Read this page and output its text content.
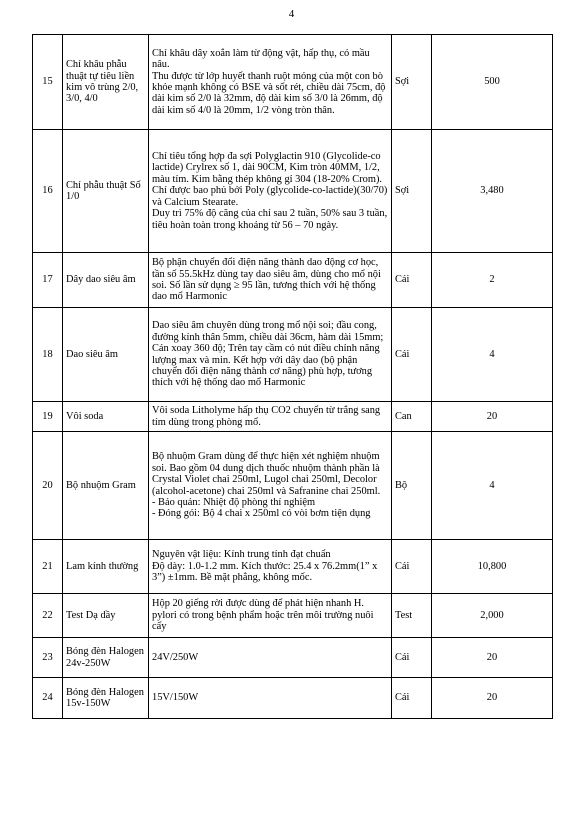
4
15	Chỉ khâu phẫu thuật tự tiêu liền kim vô trùng 2/0, 3/0, 4/0	Chỉ khâu dây xoắn làm từ động vật, hấp thụ, có mầu nâu.
Thu được từ lớp huyết thanh ruột mỏng của một con bò khỏe mạnh không có BSE và sốt rét, chiều dài 75cm, độ dài kim số 2/0 là 32mm, độ dài kim số 3/0 là 26mm, độ dài kim số 4/0 là 20mm, 1/2 vòng tròn thân.	Sợi	500
16	Chỉ phẫu thuật Số 1/0	Chỉ tiêu tổng hợp đa sợi Polyglactin 910 (Glycolide-co lactide) Crylrex số 1, dài 90CM, Kim tròn 40MM, 1/2, màu tím. Kim bằng thép không gỉ 304 (18-20% Crom). Chỉ được bao phủ bởi Poly (glycolide-co-lactide)(30/70) và Calcium Stearate.
Duy trì 75% độ căng của chỉ sau 2 tuần, 50% sau 3 tuần, tiêu hoàn toàn trong khoảng từ 56 – 70 ngày.	Sợi	3,480
17	Dây dao siêu âm	Bộ phận chuyển đổi điện năng thành dao động cơ học, tần số 55.5kHz dùng tay dao siêu âm, dùng cho mổ nội soi. Số lần sử dụng ≥ 95 lần, tương thích với hệ thống dao mổ Harmonic	Cái	2
18	Dao siêu âm	Dao siêu âm chuyên dùng trong mổ nội soi; đầu cong, đường kính thân 5mm, chiều dài 36cm, hàm dài 15mm; Cán xoay 360 độ; Trên tay cầm có nút điều chỉnh năng lượng max và min. Kết hợp với dây dao (bộ phận chuyển đổi điện năng thành cơ năng) phù hợp, tương thích với hệ thống dao mổ Harmonic	Cái	4
19	Vôi soda	Vôi soda Litholyme hấp thụ CO2 chuyển từ trắng sang tím dùng trong phòng mổ.	Can	20
20	Bộ nhuộm Gram	Bộ nhuộm Gram dùng để thực hiện xét nghiệm nhuộm soi. Bao gồm 04 dung dịch thuốc nhuộm thành phần là Crystal Violet chai 250ml, Lugol chai 250ml, Decolor (alcohol-acetone) chai 250ml và Safranine chai 250ml.
- Bảo quản: Nhiệt độ phòng thí nghiệm
- Đóng gói: Bộ 4 chai x 250ml có vòi bơm tiện dụng	Bộ	4
21	Lam kính thường	Nguyên vật liệu: Kính trung tính đạt chuẩn
Độ dày: 1.0-1.2 mm. Kích thước: 25.4 x 76.2mm(1” x 3”) ±1mm. Bề mặt phẳng, không mốc.	Cái	10,800
22	Test Dạ dầy	Hộp 20 giếng rời được dùng để phát hiện nhanh H. pylori có trong bệnh phẩm hoặc trên môi trường nuôi cấy	Test	2,000
23	Bóng đèn Halogen 24v-250W	24V/250W	Cái	20
24	Bóng đèn Halogen 15v-150W	15V/150W	Cái	20
